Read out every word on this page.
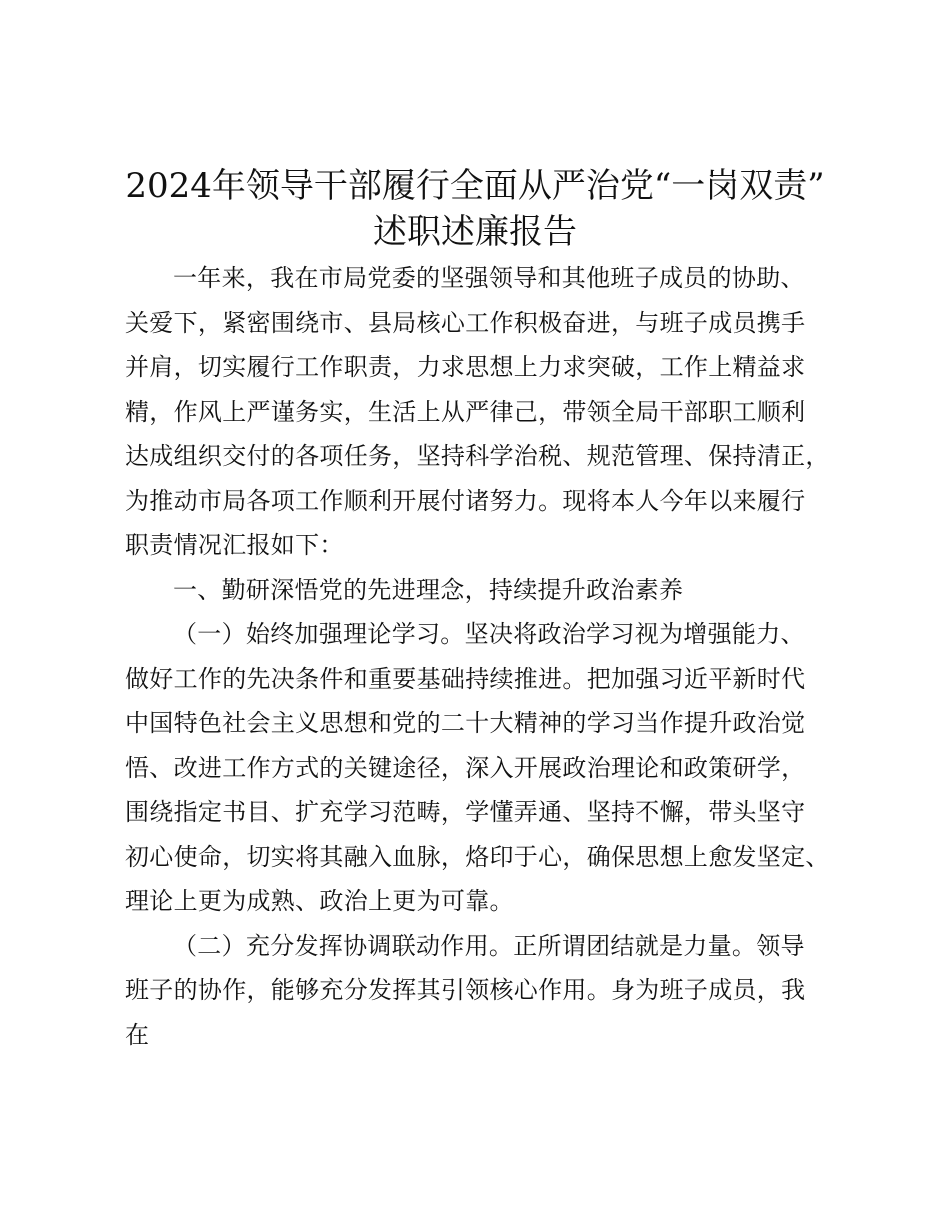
2024年领导干部履行全面从严治党“一岗双责”
述职述廉报告
一年来，我在市局党委的坚强领导和其他班子成员的协助、
关爱下，紧密围绕市、县局核心工作积极奋进，与班子成员携手
并肩，切实履行工作职责，力求思想上力求突破，工作上精益求
精，作风上严谨务实，生活上从严律己，带领全局干部职工顺利
达成组织交付的各项任务，坚持科学治税、规范管理、保持清正，
为推动市局各项工作顺利开展付诸努力。现将本人今年以来履行
职责情况汇报如下：
一、勤研深悟党的先进理念，持续提升政治素养
（一）始终加强理论学习。坚决将政治学习视为增强能力、
做好工作的先决条件和重要基础持续推进。把加强习近平新时代
中国特色社会主义思想和党的二十大精神的学习当作提升政治觉
悟、改进工作方式的关键途径，深入开展政治理论和政策研学，
围绕指定书目、扩充学习范畴，学懂弄通、坚持不懈，带头坚守
初心使命，切实将其融入血脉，烙印于心，确保思想上愈发坚定、
理论上更为成熟、政治上更为可靠。
（二）充分发挥协调联动作用。正所谓团结就是力量。领导
班子的协作，能够充分发挥其引领核心作用。身为班子成员，我
在
